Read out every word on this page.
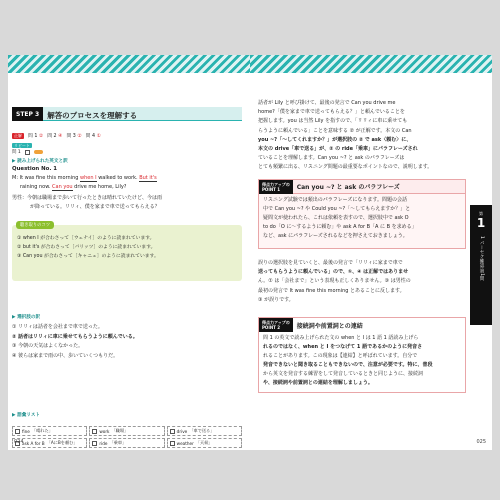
STEP 3	解答のプロセスを理解する
正解	問 1 ② 問 2 ④ 問 3 ② 問 4 ①
リピート
問 1
▶ 読み上げられた英文と訳
Question No. 1
M: It was fine this morning when I walked to work. But it's
raining now. Can you drive me home, Lily?
男性：今朝は職場まで歩いて行ったときは晴れていたけど、今は雨
が降っている。リリィ、僕を家まで車で送ってもらえる？
聴き取りのコツ
① when I が合わさって［ウェナイ］のように読まれています。
② but it's が合わさって［バリッツ］のように読まれています。
③ Can you が合わさって［キャニュ］のように読まれています。
▶ 選択肢の訳
① リリィは話者を会社まで車で送った。
② 話者はリリィに車に乗せてもらうように頼んでいる。
③ 今朝の天気はよくなかった。
④ 彼らは家まで雨の中、歩いていくつもりだ。
▶ 語彙リスト
fine 「晴れた」	work 「職場」	drive 「車で送る」
ask A for B 「AにBを頼む」	ride 「乗車」	weather 「天候」
024
話者が Lily と呼び掛けて、最後の発言で Can you drive me
home?「僕を家まで車で送ってもらえる？」と頼んでいることを
把握します。you は当然 Lily を指すので、「リリィに車に乗せても
らうように頼んでいる」ことを意味する ② が正解です。本文の Can
you ~?「～してくれますか？」が選択肢の ② で ask〈頼む〉に、
本文の drive「車で送る」が、② の ride「乗車」にパラフレーズされ
ていることを理解します。Can you ~? と ask のパラフレーズは
とても頻繁に出る、リスニング問題の最重要なポイントなので、説明します。
得点力アップの
POINT 1	Can you ~? と ask のパラフレーズ
リスニング試験では頻出のパラフレーズになります。問題の会話
中で Can you ~? や Could you ~?「～してもらえますか？」と
疑問文が使われたら、これは依頼を表すので、選択肢中で ask O
to do「O に～するように頼む」や ask A for B「A に B を求める」
など、ask にパラフレーズされるなどを押さえておきましょう。
誤りの選択肢を見ていくと、最後の発言で「リリィに家まで車で
送ってもらうように頼んでいる」ので、①、④ は正解ではありませ
ん。① は「会社まで」という表現も正しくありません。③ は男性の
最初の発言で It was fine this morning とあることに反します。
③ が誤りです。
得点力アップの
POINT 2	接続詞や前置詞との連結
問 1 の英文で読み上げられた文の when と I は 1 語 1 語読み上げら
れるのではなく、when と I をつなげて 1 語であるかのように発音さ
れることがあります。この現象は【連結】と呼ばれています。自分で
発音できないと聞き取ることもできないので、注意が必要です。特に、普段
から英文を発音する練習をして発音しているときと同じように、接続詞
や、接続詞や前置詞との連結を理解しましょう。
第
1
1 パーセク確認 第1問
025
